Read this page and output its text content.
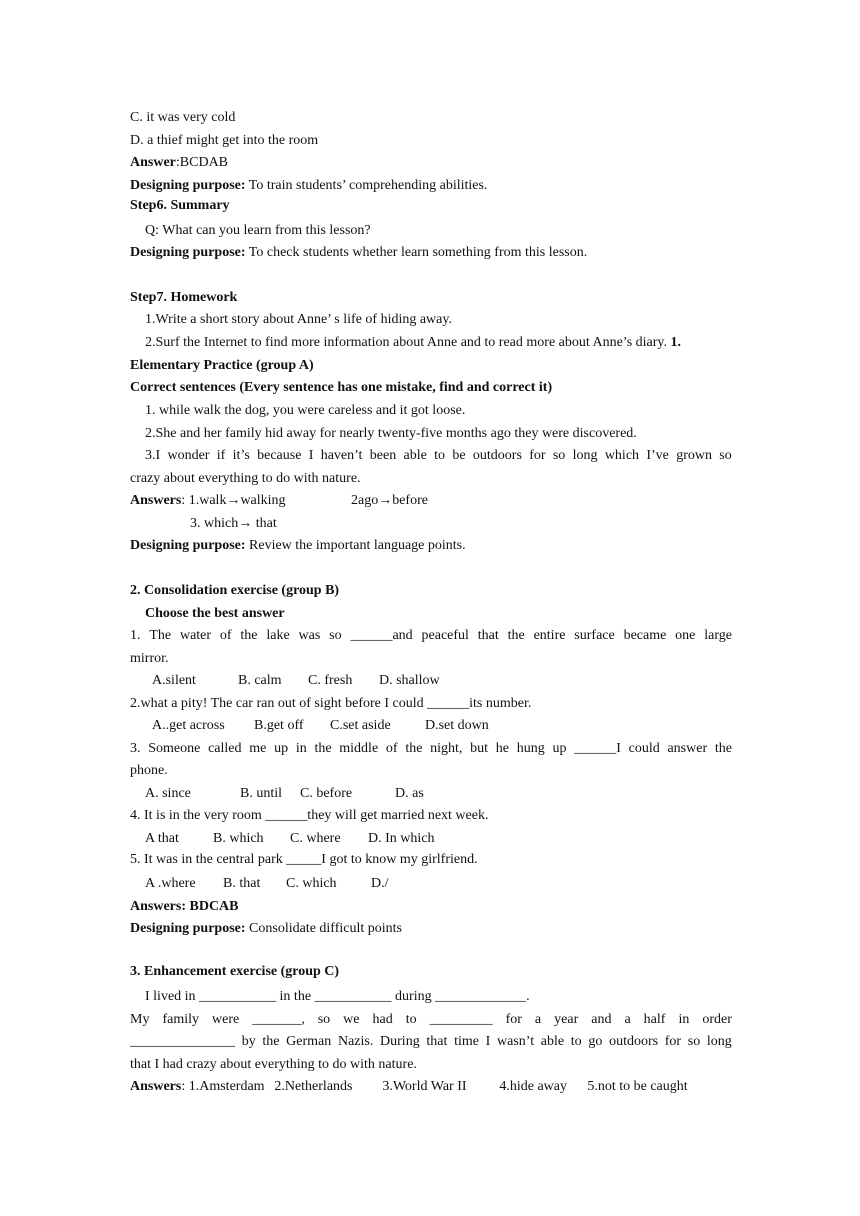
C. it was very cold
D. a thief might get into the room
Answer:BCDAB
Designing purpose: To train students’ comprehending abilities.
Step6. Summary
Q: What can you learn from this lesson?
Designing purpose: To check students whether learn something from this lesson.
Step7. Homework
1.Write a short story about Anne’ s life of hiding away.
2.Surf the Internet to find more information about Anne and to read more about Anne’s diary. 1.
Elementary Practice (group A)
Correct sentences (Every sentence has one mistake, find and correct it)
1. while walk the dog, you were careless and it got loose.
2.She and her family hid away for nearly twenty-five months ago they were discovered.
3.I wonder if it’s because I haven’t been able to be outdoors for so long which I’ve grown so
crazy about everything to do with nature.
Answers: 1.walk→walking	2ago→before
3. which→ that
Designing purpose: Review the important language points.
2. Consolidation exercise (group B)
Choose the best answer
1. The water of the lake was so ______and peaceful that the entire surface became one large
mirror.
A.silent	B. calm C. fresh D. shallow
2.what a pity! The car ran out of sight before I could ______its number.
A..get across B.get off C.set aside D.set down
3. Someone called me up in the middle of the night, but he hung up ______I could answer the
phone.
A. since	B. until C. before	D. as
4. It is in the very room ______they will get married next week.
A that B. which C. where D. In which
5. It was in the central park _____I got to know my girlfriend.
A .where B. that C. which D./
Answers: BDCAB
Designing purpose: Consolidate difficult points
3. Enhancement exercise (group C)
I lived in ___________ in the ___________ during _____________.
My family were _______, so we had to _________ for a year and a half in order
_______________ by the German Nazis. During that time I wasn’t able to go outdoors for so long
that I had crazy about everything to do with nature.
Answers: 1.Amsterdam 2.Netherlands 3.World War II 4.hide away 5.not to be caught
